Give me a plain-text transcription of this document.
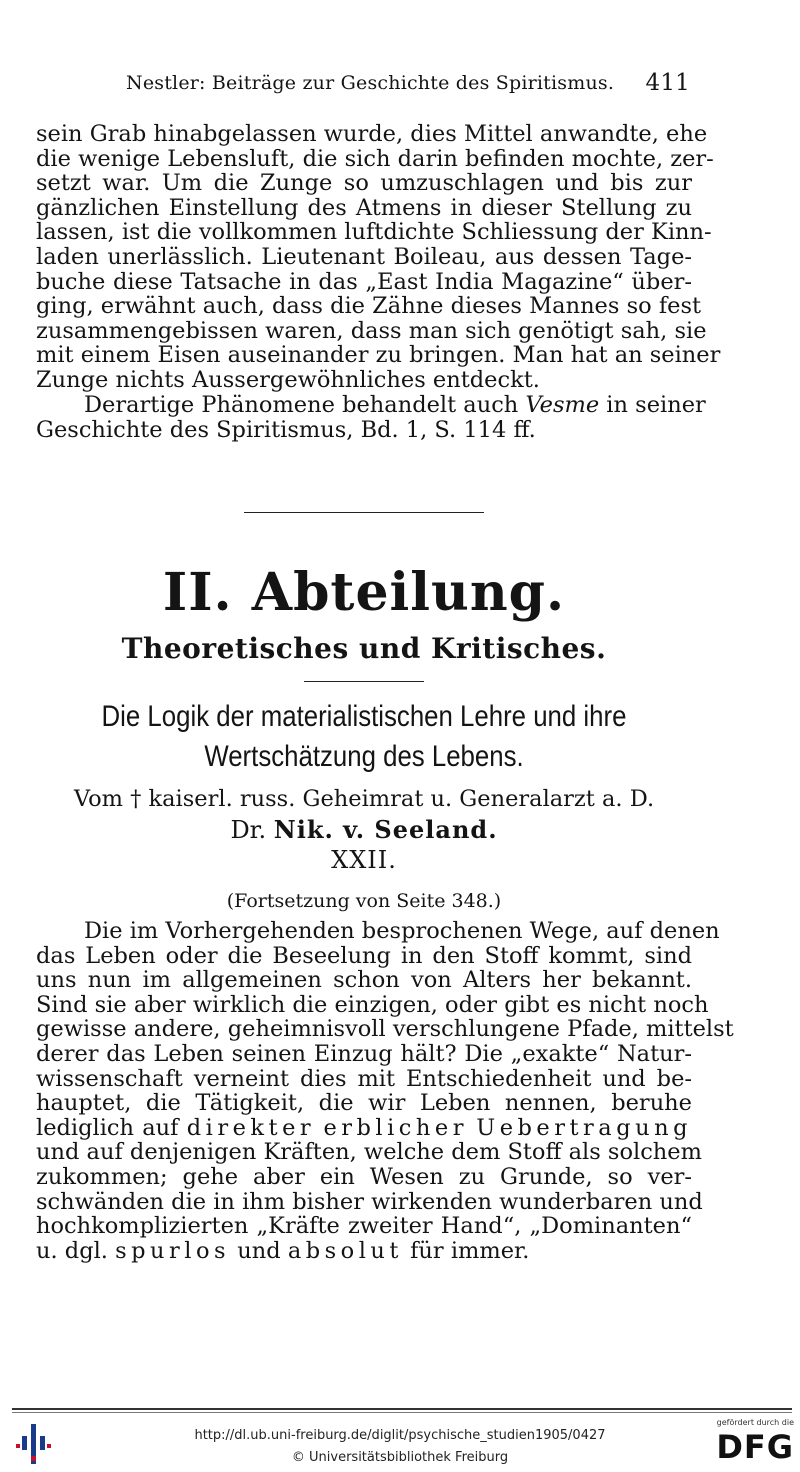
Nestler: Beiträge zur Geschichte des Spiritismus. 411
sein Grab hinabgelassen wurde, dies Mittel anwandte, ehe
die wenige Lebensluft, die sich darin befinden mochte, zer-
setzt war. Um die Zunge so umzuschlagen und bis zur
gänzlichen Einstellung des Atmens in dieser Stellung zu
lassen, ist die vollkommen luftdichte Schliessung der Kinn-
laden unerlässlich. Lieutenant Boileau, aus dessen Tage-
buche diese Tatsache in das „East India Magazine“ über-
ging, erwähnt auch, dass die Zähne dieses Mannes so fest
zusammengebissen waren, dass man sich genötigt sah, sie
mit einem Eisen auseinander zu bringen. Man hat an seiner
Zunge nichts Aussergewöhnliches entdeckt.
Derartige Phänomene behandelt auch Vesme in seiner
Geschichte des Spiritismus, Bd. 1, S. 114 ff.
II. Abteilung.
Theoretisches und Kritisches.
Die Logik der materialistischen Lehre und ihre
Wertschätzung des Lebens.
Vom † kaiserl. russ. Geheimrat u. Generalarzt a. D.
Dr. Nik. v. Seeland.
XXII.
(Fortsetzung von Seite 348.)
Die im Vorhergehenden besprochenen Wege, auf denen
das Leben oder die Beseelung in den Stoff kommt, sind
uns nun im allgemeinen schon von Alters her bekannt.
Sind sie aber wirklich die einzigen, oder gibt es nicht noch
gewisse andere, geheimnisvoll verschlungene Pfade, mittelst
derer das Leben seinen Einzug hält? Die „exakte“ Natur-
wissenschaft verneint dies mit Entschiedenheit und be-
hauptet, die Tätigkeit, die wir Leben nennen, beruhe
lediglich auf direkter erblicher Uebertragung
und auf denjenigen Kräften, welche dem Stoff als solchem
zukommen; gehe aber ein Wesen zu Grunde, so ver-
schwänden die in ihm bisher wirkenden wunderbaren und
hochkomplizierten „Kräfte zweiter Hand“, „Dominanten“
u. dgl. spurlos und absolut für immer.
http://dl.ub.uni-freiburg.de/diglit/psychische_studien1905/0427
© Universitätsbibliothek Freiburg
gefördert durch die
DFG
